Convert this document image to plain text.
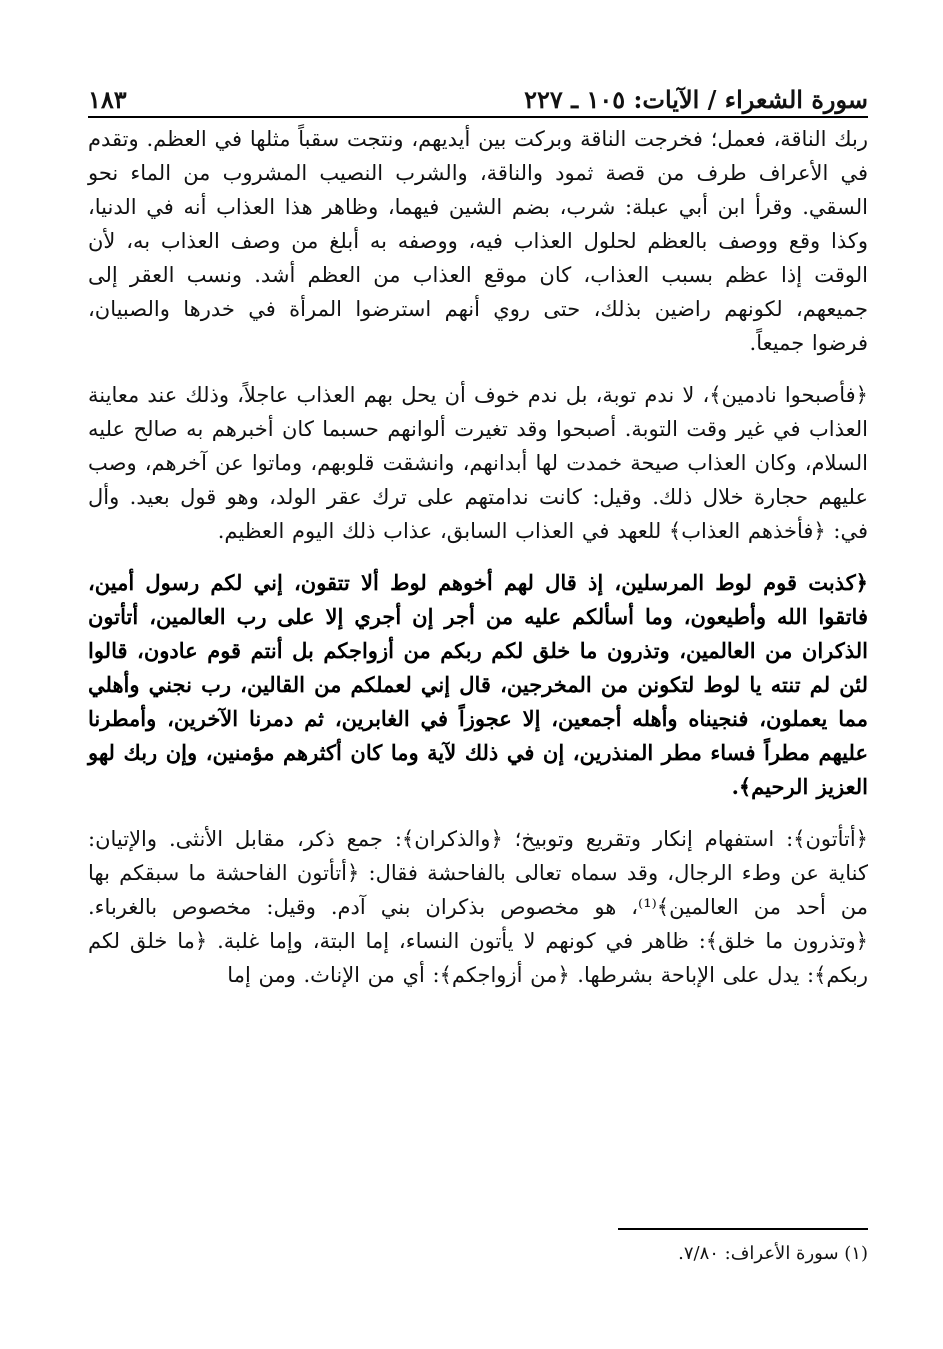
سورة الشعراء / الآيات: ١٠٥ ـ ٢٢٧
١٨٣

ربك الناقة، فعمل؛ فخرجت الناقة وبركت بين أيديهم، ونتجت سقباً مثلها في العظم. وتقدم في الأعراف طرف من قصة ثمود والناقة، والشرب النصيب المشروب من الماء نحو السقي. وقرأ ابن أبي عبلة: شرب، بضم الشين فيهما، وظاهر هذا العذاب أنه في الدنيا، وكذا وقع ووصف بالعظم لحلول العذاب فيه، ووصفه به أبلغ من وصف العذاب به، لأن الوقت إذا عظم بسبب العذاب، كان موقع العذاب من العظم أشد. ونسب العقر إلى جميعهم، لكونهم راضين بذلك، حتى روي أنهم استرضوا المرأة في خدرها والصبيان، فرضوا جميعاً.

﴿فأصبحوا نادمين﴾، لا ندم توبة، بل ندم خوف أن يحل بهم العذاب عاجلاً، وذلك عند معاينة العذاب في غير وقت التوبة. أصبحوا وقد تغيرت ألوانهم حسبما كان أخبرهم به صالح عليه السلام، وكان العذاب صيحة خمدت لها أبدانهم، وانشقت قلوبهم، وماتوا عن آخرهم، وصب عليهم حجارة خلال ذلك. وقيل: كانت ندامتهم على ترك عقر الولد، وهو قول بعيد. وأل في: ﴿فأخذهم العذاب﴾ للعهد في العذاب السابق، عذاب ذلك اليوم العظيم.

﴿كذبت قوم لوط المرسلين، إذ قال لهم أخوهم لوط ألا تتقون، إني لكم رسول أمين، فاتقوا الله وأطيعون، وما أسألكم عليه من أجر إن أجري إلا على رب العالمين، أتأتون الذكران من العالمين، وتذرون ما خلق لكم ربكم من أزواجكم بل أنتم قوم عادون، قالوا لئن لم تنته يا لوط لتكونن من المخرجين، قال إني لعملكم من القالين، رب نجني وأهلي مما يعملون، فنجيناه وأهله أجمعين، إلا عجوزاً في الغابرين، ثم دمرنا الآخرين، وأمطرنا عليهم مطراً فساء مطر المنذرين، إن في ذلك لآية وما كان أكثرهم مؤمنين، وإن ربك لهو العزيز الرحيم﴾.

﴿أتأتون﴾: استفهام إنكار وتقريع وتوبيخ؛ ﴿والذكران﴾: جمع ذكر، مقابل الأنثى. والإتيان: كناية عن وطء الرجال، وقد سماه تعالى بالفاحشة فقال: ﴿أتأتون الفاحشة ما سبقكم بها من أحد من العالمين﴾⁽¹⁾، هو مخصوص بذكران بني آدم. وقيل: مخصوص بالغرباء. ﴿وتذرون ما خلق﴾: ظاهر في كونهم لا يأتون النساء، إما البتة، وإما غلبة. ﴿ما خلق لكم ربكم﴾: يدل على الإباحة بشرطها. ﴿من أزواجكم﴾: أي من الإناث. ومن إما

(١) سورة الأعراف: ٧/٨٠.
